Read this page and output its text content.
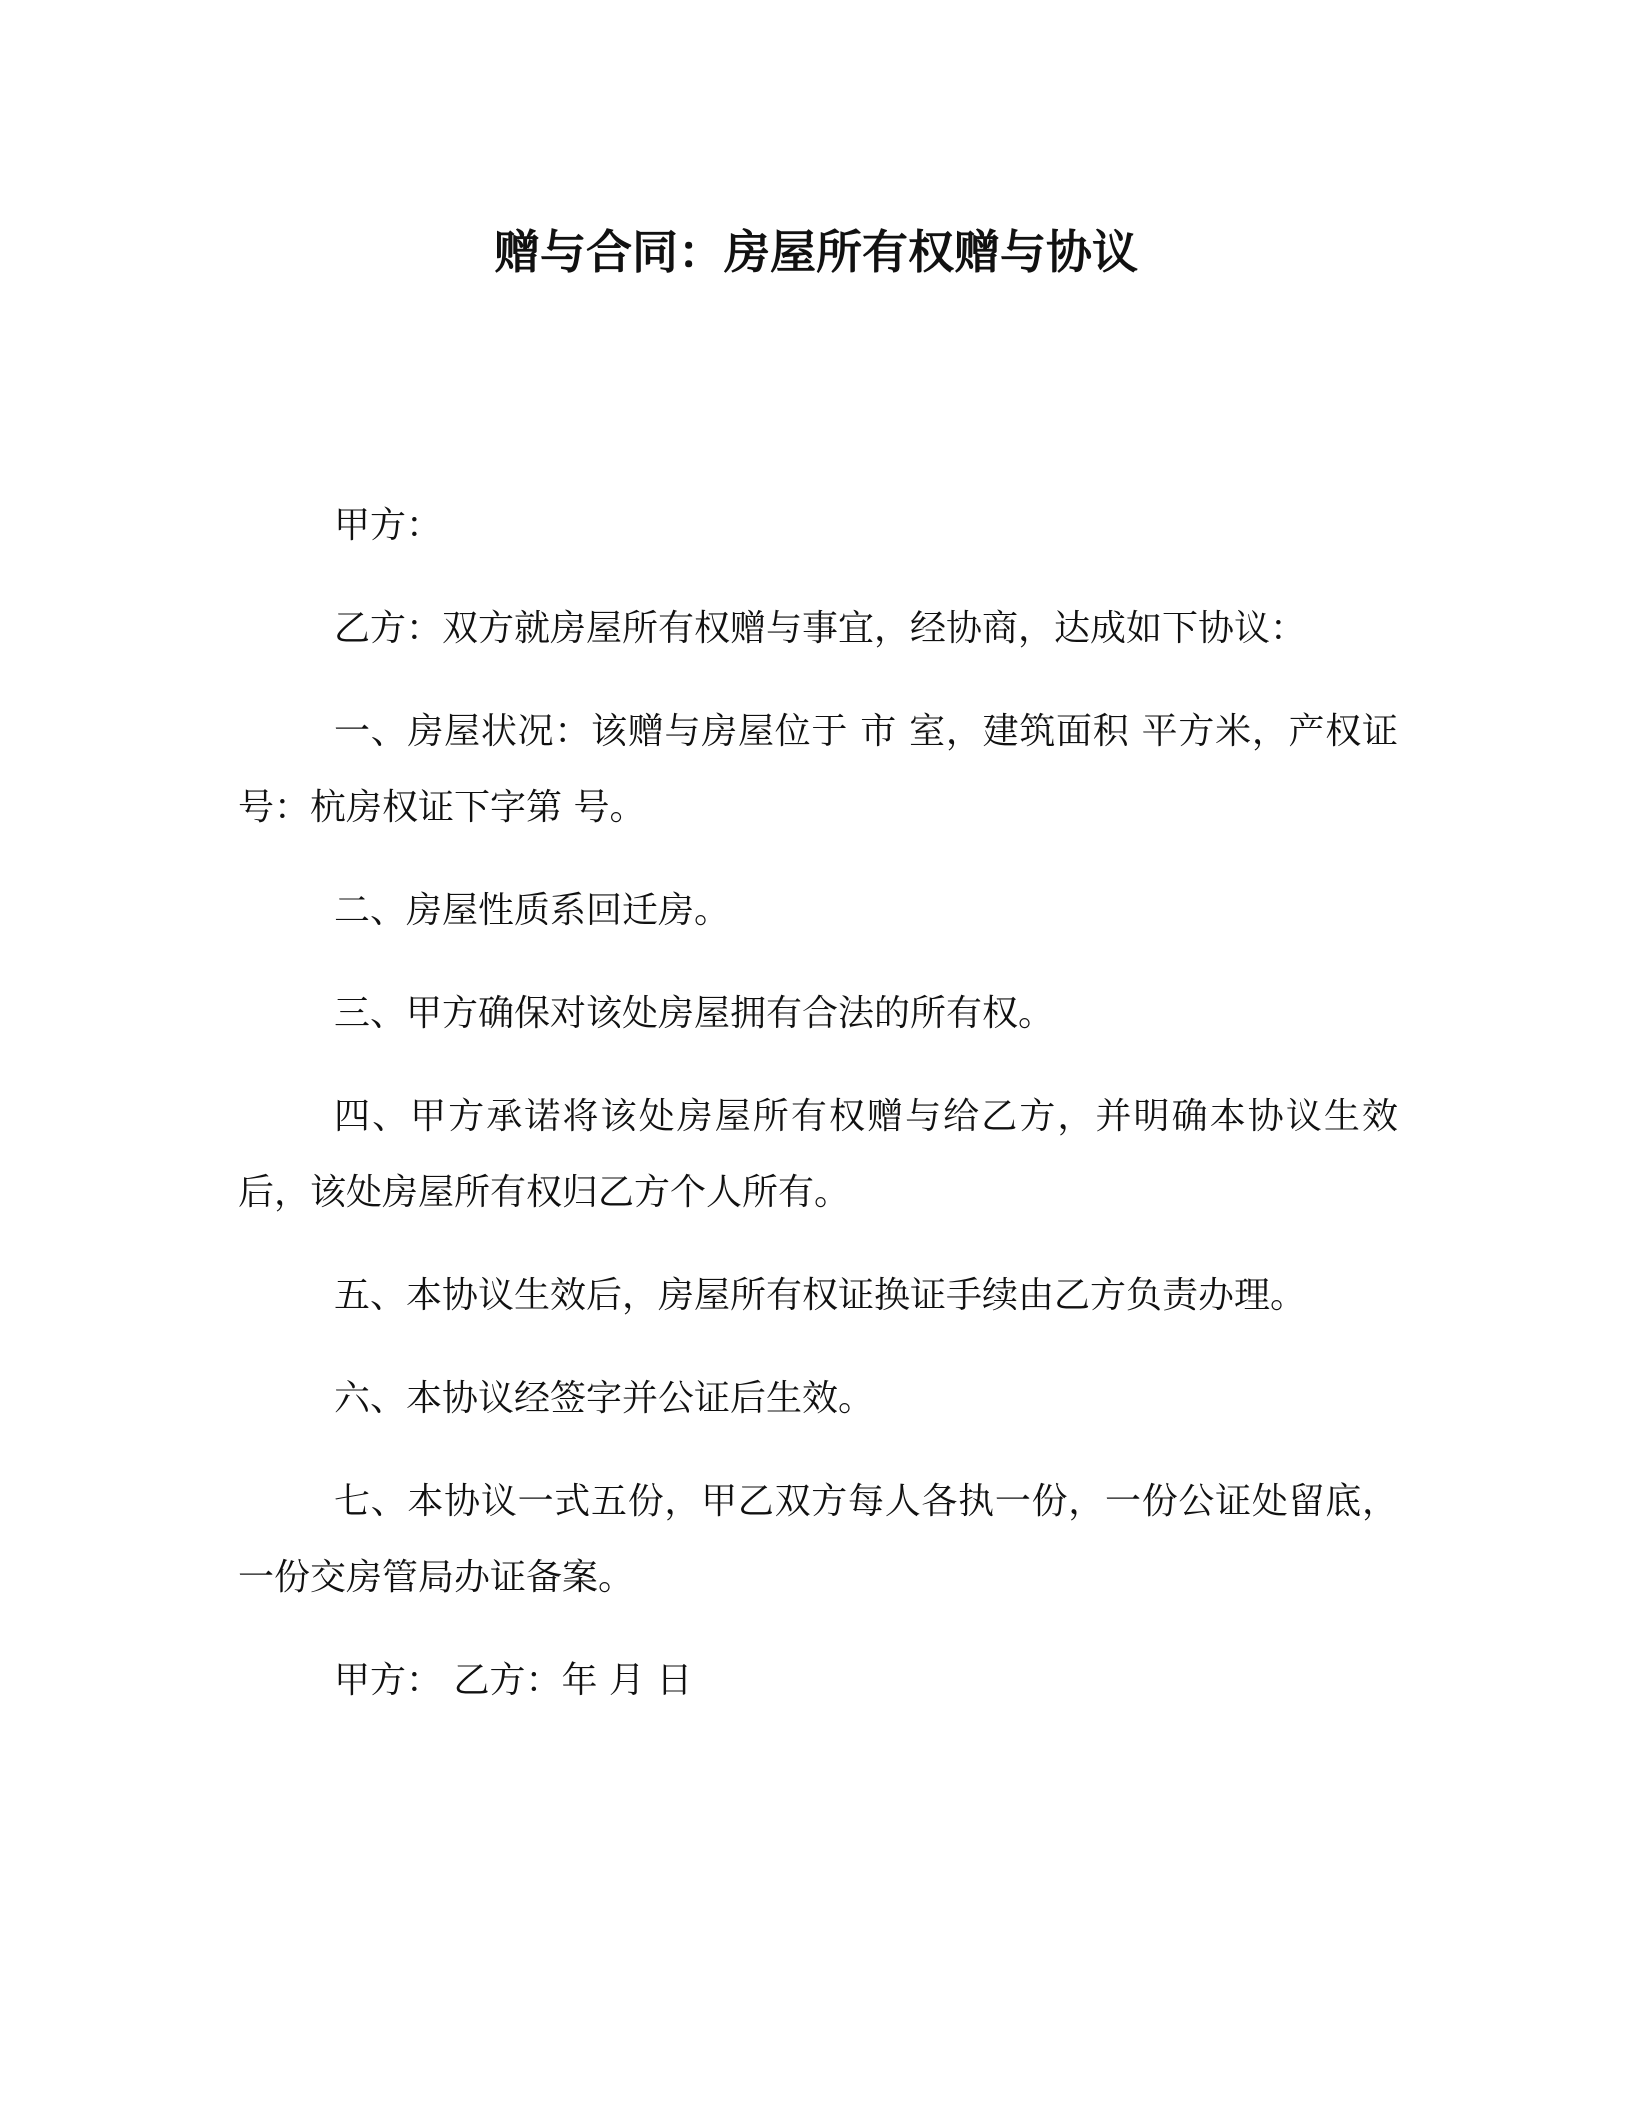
赠与合同：房屋所有权赠与协议

甲方：

乙方：双方就房屋所有权赠与事宜，经协商，达成如下协议：

一、房屋状况：该赠与房屋位于 市 室，建筑面积 平方米，产权证号：杭房权证下字第 号。

二、房屋性质系回迁房。

三、甲方确保对该处房屋拥有合法的所有权。

四、甲方承诺将该处房屋所有权赠与给乙方，并明确本协议生效后，该处房屋所有权归乙方个人所有。

五、本协议生效后，房屋所有权证换证手续由乙方负责办理。

六、本协议经签字并公证后生效。

七、本协议一式五份，甲乙双方每人各执一份，一份公证处留底，一份交房管局办证备案。

甲方： 乙方：年 月 日
